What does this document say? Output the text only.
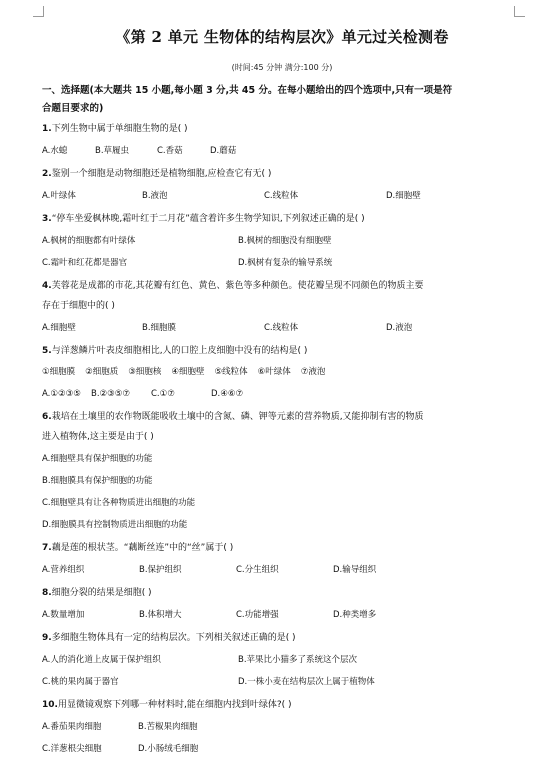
《第 2 单元 生物体的结构层次》单元过关检测卷
(时间:45 分钟 满分:100 分)
一、选择题(本大题共 15 小题,每小题 3 分,共 45 分。在每小题给出的四个选项中,只有一项是符
合题目要求的)
1.下列生物中属于单细胞生物的是( )
A.水螅	B.草履虫	C.香菇	D.蘑菇
2.鉴别一个细胞是动物细胞还是植物细胞,应检查它有无( )
A.叶绿体	B.液泡	C.线粒体	D.细胞壁
3.“停车坐爱枫林晚,霜叶红于二月花”蕴含着许多生物学知识,下列叙述正确的是( )
A.枫树的细胞都有叶绿体	B.枫树的细胞没有细胞壁
C.霜叶和红花都是器官	D.枫树有复杂的输导系统
4.芙蓉花是成都的市花,其花瓣有红色、黄色、紫色等多种颜色。使花瓣呈现不同颜色的物质主要
存在于细胞中的( )
A.细胞壁	B.细胞膜	C.线粒体	D.液泡
5.与洋葱鳞片叶表皮细胞相比,人的口腔上皮细胞中没有的结构是( )
①细胞膜 ②细胞质 ③细胞核 ④细胞壁 ⑤线粒体 ⑥叶绿体 ⑦液泡
A.①②③⑤	B.②③⑤⑦	C.①⑦	D.④⑥⑦
6.栽培在土壤里的农作物既能吸收土壤中的含氮、磷、钾等元素的营养物质,又能抑制有害的物质
进入植物体,这主要是由于( )
A.细胞壁具有保护细胞的功能
B.细胞膜具有保护细胞的功能
C.细胞壁具有让各种物质进出细胞的功能
D.细胞膜具有控制物质进出细胞的功能
7.藕是莲的根状茎。“藕断丝连”中的“丝”属于( )
A.营养组织	B.保护组织	C.分生组织	D.输导组织
8.细胞分裂的结果是细胞( )
A.数量增加	B.体积增大	C.功能增强	D.种类增多
9.多细胞生物体具有一定的结构层次。下列相关叙述正确的是( )
A.人的消化道上皮属于保护组织	B.苹果比小猫多了系统这个层次
C.桃的果肉属于器官	D.一株小麦在结构层次上属于植物体
10.用显微镜观察下列哪一种材料时,能在细胞内找到叶绿体?( )
A.番茄果肉细胞	B.苦椒果肉细胞
C.洋葱根尖细胞	D.小肠绒毛细胞
